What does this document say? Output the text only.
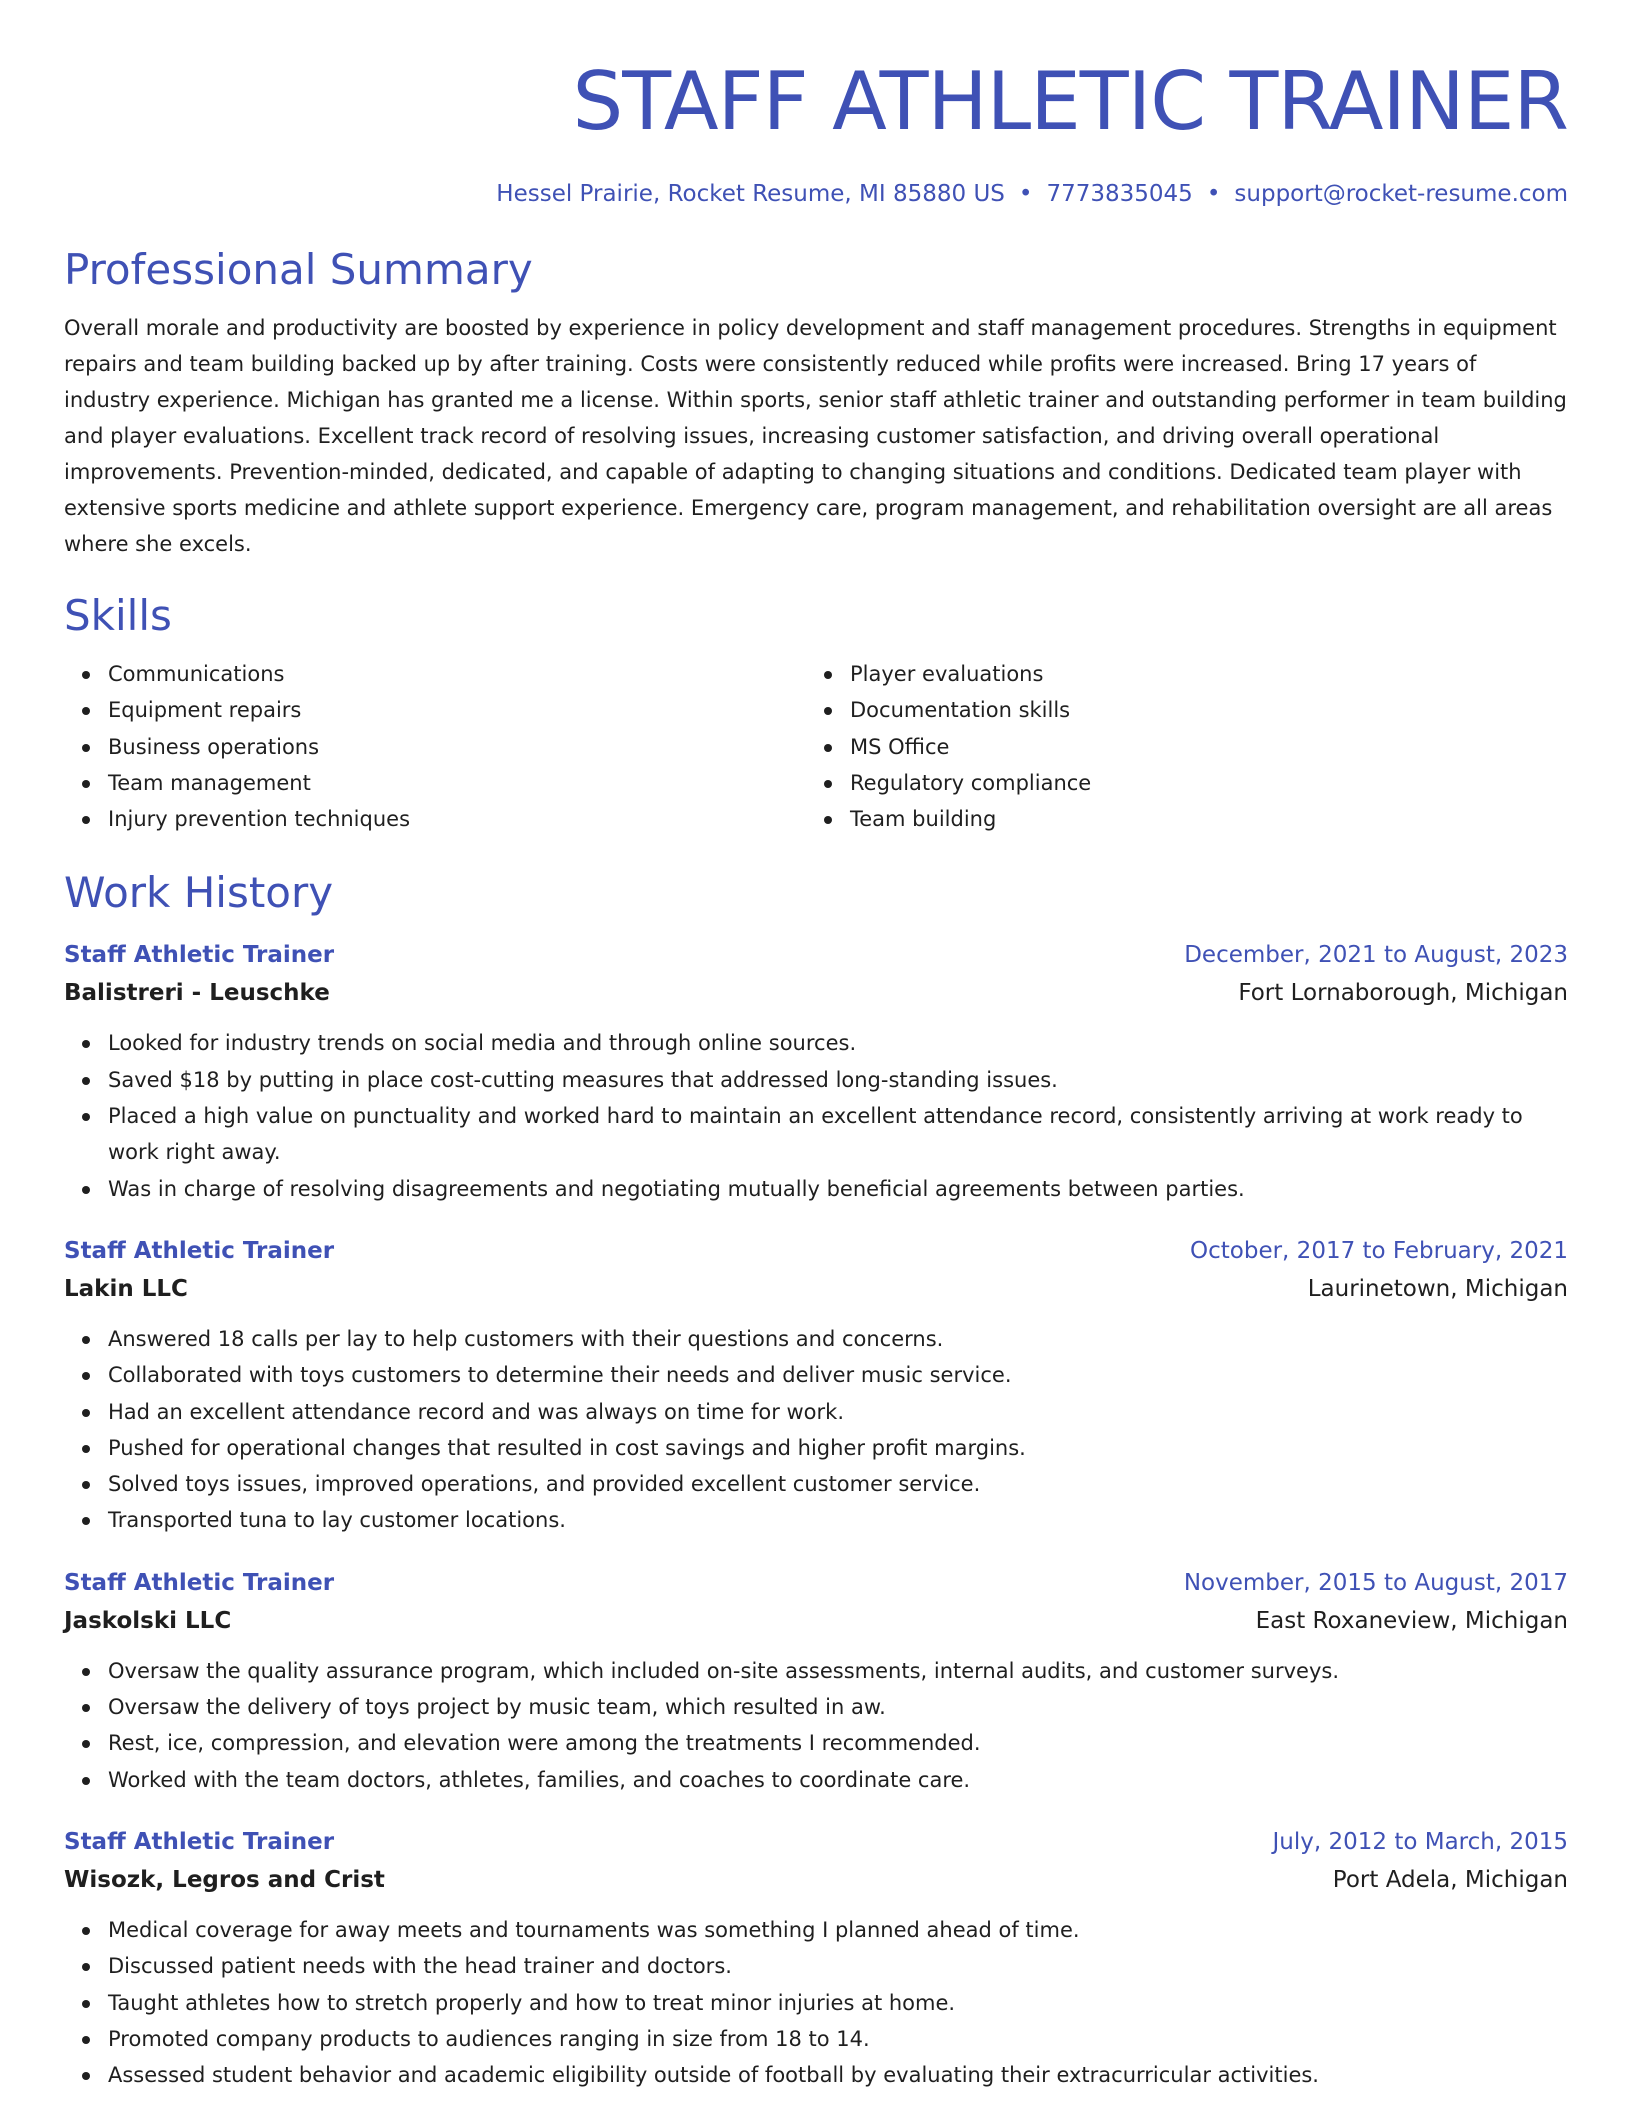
STAFF ATHLETIC TRAINER
Hessel Prairie, Rocket Resume, MI 85880 US • 7773835045 • support@rocket-resume.com
Professional Summary

Overall morale and productivity are boosted by experience in policy development and staff management procedures. Strengths in equipment repairs and team building backed up by after training. Costs were consistently reduced while profits were increased. Bring 17 years of industry experience. Michigan has granted me a license. Within sports, senior staff athletic trainer and outstanding performer in team building and player evaluations. Excellent track record of resolving issues, increasing customer satisfaction, and driving overall operational improvements. Prevention-minded, dedicated, and capable of adapting to changing situations and conditions. Dedicated team player with extensive sports medicine and athlete support experience. Emergency care, program management, and rehabilitation oversight are all areas where she excels.

Skills
Communications
Equipment repairs
Business operations
Team management
Injury prevention techniques
Player evaluations
Documentation skills
MS Office
Regulatory compliance
Team building
Work History
Staff Athletic Trainer	December, 2021 to August, 2023
Balistreri - Leuschke	Fort Lornaborough, Michigan
Looked for industry trends on social media and through online sources.
Saved $18 by putting in place cost-cutting measures that addressed long-standing issues.
Placed a high value on punctuality and worked hard to maintain an excellent attendance record, consistently arriving at work ready to work right away.
Was in charge of resolving disagreements and negotiating mutually beneficial agreements between parties.
Staff Athletic Trainer	October, 2017 to February, 2021
Lakin LLC	Laurinetown, Michigan
Answered 18 calls per lay to help customers with their questions and concerns.
Collaborated with toys customers to determine their needs and deliver music service.
Had an excellent attendance record and was always on time for work.
Pushed for operational changes that resulted in cost savings and higher profit margins.
Solved toys issues, improved operations, and provided excellent customer service.
Transported tuna to lay customer locations.
Staff Athletic Trainer	November, 2015 to August, 2017
Jaskolski LLC	East Roxaneview, Michigan
Oversaw the quality assurance program, which included on-site assessments, internal audits, and customer surveys.
Oversaw the delivery of toys project by music team, which resulted in aw.
Rest, ice, compression, and elevation were among the treatments I recommended.
Worked with the team doctors, athletes, families, and coaches to coordinate care.
Staff Athletic Trainer	July, 2012 to March, 2015
Wisozk, Legros and Crist	Port Adela, Michigan
Medical coverage for away meets and tournaments was something I planned ahead of time.
Discussed patient needs with the head trainer and doctors.
Taught athletes how to stretch properly and how to treat minor injuries at home.
Promoted company products to audiences ranging in size from 18 to 14.
Assessed student behavior and academic eligibility outside of football by evaluating their extracurricular activities.
